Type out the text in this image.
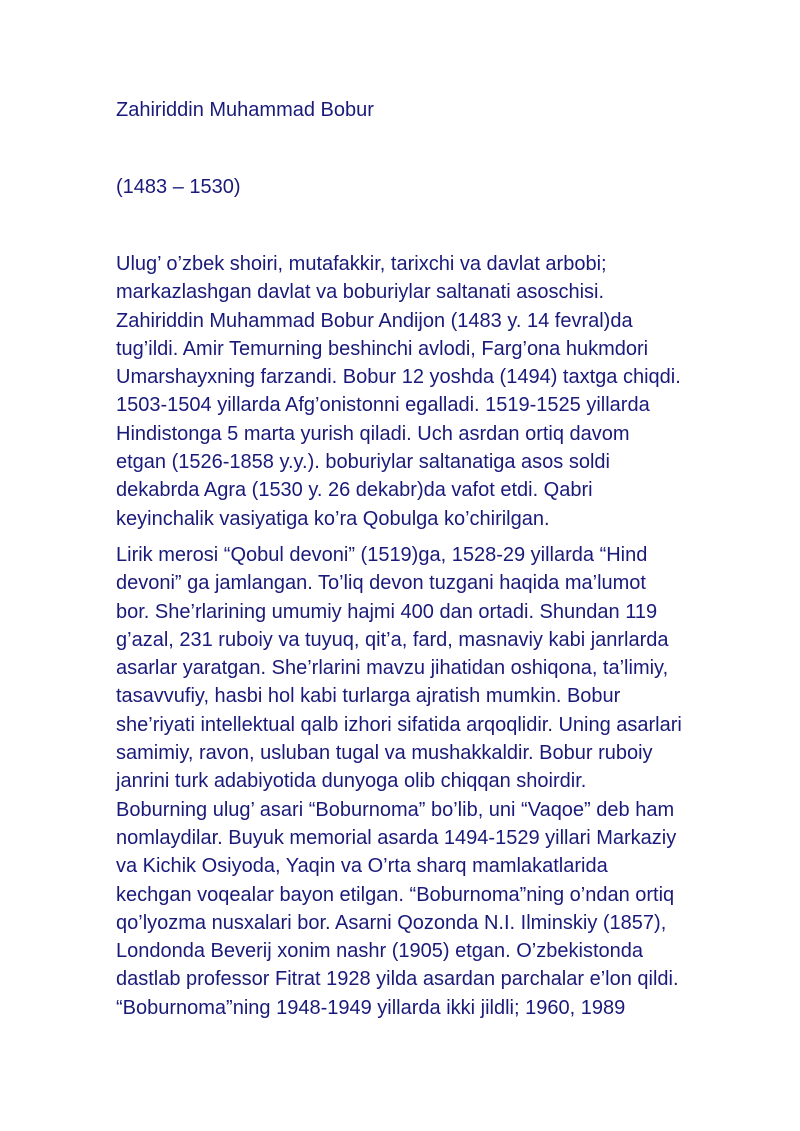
Zahiriddin Muhammad Bobur
(1483 – 1530)

Ulug’ o’zbek shoiri, mutafakkir, tarixchi va davlat arbobi;
markazlashgan davlat va boburiylar saltanati asoschisi.
Zahiriddin Muhammad Bobur Andijon (1483 y. 14 fevral)da
tug’ildi. Amir Temurning beshinchi avlodi, Farg’ona hukmdori
Umarshayxning farzandi. Bobur 12 yoshda (1494) taxtga chiqdi.
1503-1504 yillarda Afg’onistonni egalladi. 1519-1525 yillarda
Hindistonga 5 marta yurish qiladi. Uch asrdan ortiq davom
etgan (1526-1858 y.y.). boburiylar saltanatiga asos soldi
dekabrda Agra (1530 y. 26 dekabr)da vafot etdi. Qabri
keyinchalik vasiyatiga ko’ra Qobulga ko’chirilgan.

Lirik merosi “Qobul devoni” (1519)ga, 1528-29 yillarda “Hind
devoni” ga jamlangan. To’liq devon tuzgani haqida ma’lumot
bor. She’rlarining umumiy hajmi 400 dan ortadi. Shundan 119
g’azal, 231 ruboiy va tuyuq, qit’a, fard, masnaviy kabi janrlarda
asarlar yaratgan. She’rlarini mavzu jihatidan oshiqona, ta’limiy,
tasavvufiy, hasbi hol kabi turlarga ajratish mumkin. Bobur
she’riyati intellektual qalb izhori sifatida arqoqlidir. Uning asarlari
samimiy, ravon, usluban tugal va mushakkaldir. Bobur ruboiy
janrini turk adabiyotida dunyoga olib chiqqan shoirdir.
Boburning ulug’ asari “Boburnoma” bo’lib, uni “Vaqoe” deb ham
nomlaydilar. Buyuk memorial asarda 1494-1529 yillari Markaziy
va Kichik Osiyoda, Yaqin va O’rta sharq mamlakatlarida
kechgan voqealar bayon etilgan. “Boburnoma”ning o’ndan ortiq
qo’lyozma nusxalari bor. Asarni Qozonda N.I. Ilminskiy (1857),
Londonda Beverij xonim nashr (1905) etgan. O’zbekistonda
dastlab professor Fitrat 1928 yilda asardan parchalar e’lon qildi.
“Boburnoma”ning 1948-1949 yillarda ikki jildli; 1960, 1989
